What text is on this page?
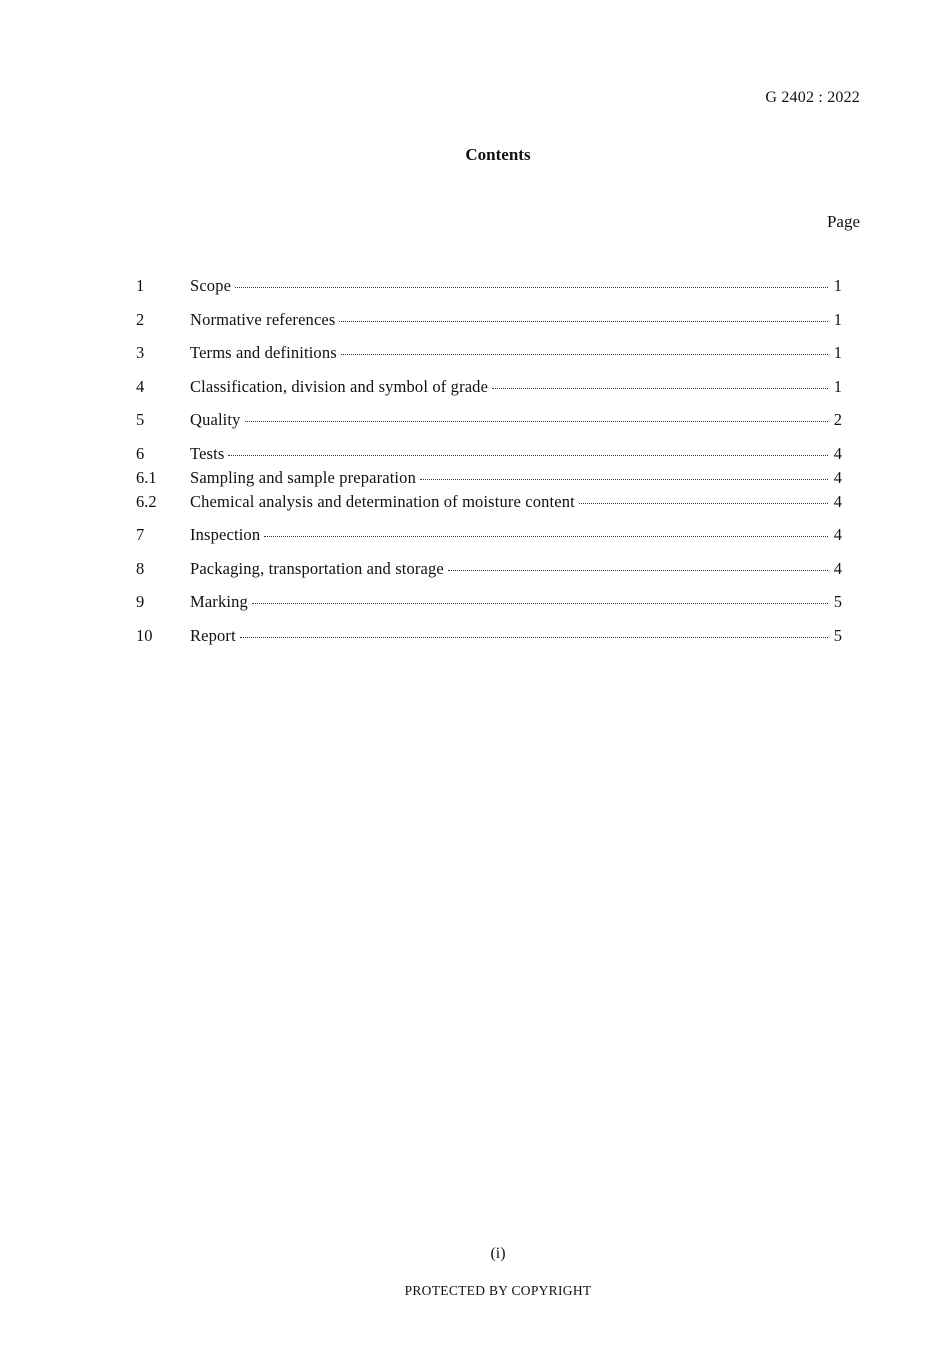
G 2402 : 2022
Contents
Page
1	Scope	1
2	Normative references	1
3	Terms and definitions	1
4	Classification, division and symbol of grade	1
5	Quality	2
6	Tests	4
6.1	Sampling and sample preparation	4
6.2	Chemical analysis and determination of moisture content	4
7	Inspection	4
8	Packaging, transportation and storage	4
9	Marking	5
10	Report	5
(i)
PROTECTED BY COPYRIGHT
